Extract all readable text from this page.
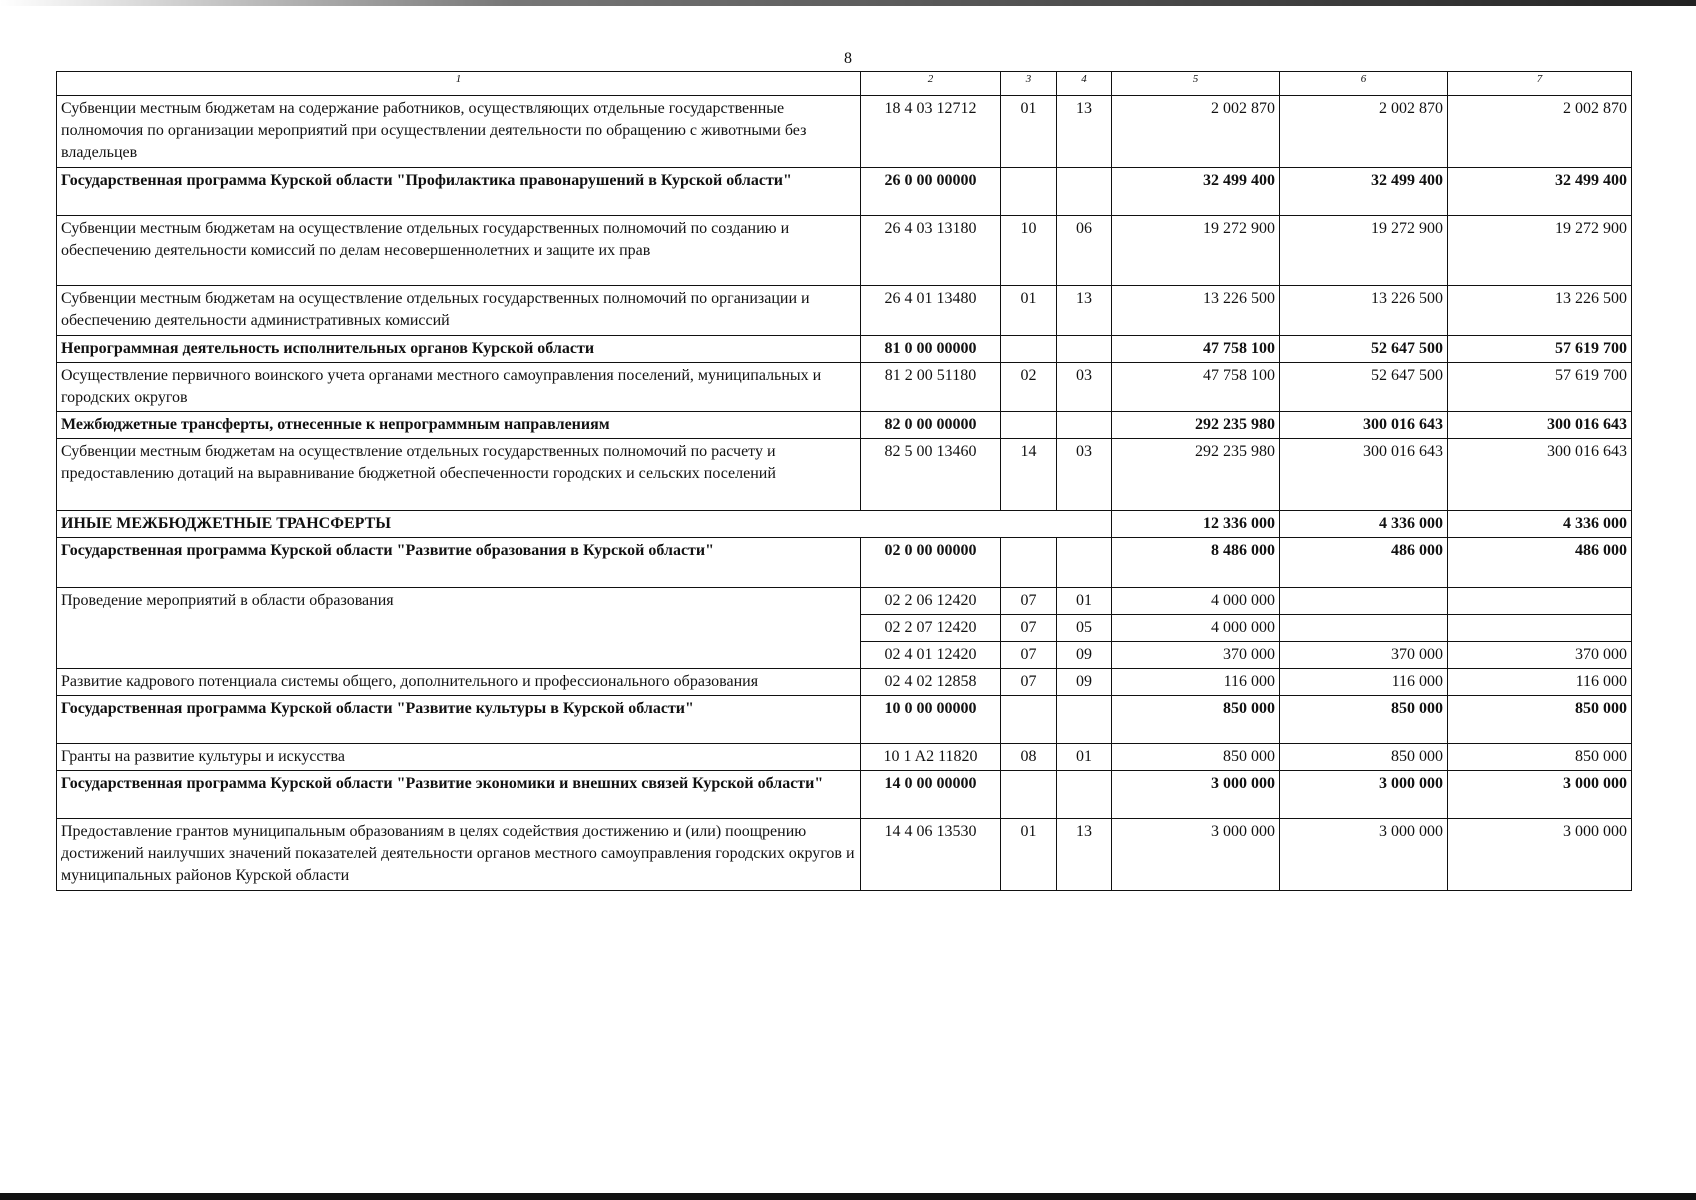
8
1	2	3	4	5	6	7
Субвенции местным бюджетам на содержание работников, осуществляющих отдельные государственные полномочия по организации мероприятий при осуществлении деятельности по обращению с животными без владельцев	18 4 03 12712	01	13	2 002 870	2 002 870	2 002 870
Государственная программа Курской области "Профилактика правонарушений в Курской области"	26 0 00 00000			32 499 400	32 499 400	32 499 400
Субвенции местным бюджетам на осуществление отдельных государственных полномочий по созданию и обеспечению деятельности комиссий по делам несовершеннолетних и защите их прав	26 4 03 13180	10	06	19 272 900	19 272 900	19 272 900
Субвенции местным бюджетам на осуществление отдельных государственных полномочий по организации и обеспечению деятельности административных комиссий	26 4 01 13480	01	13	13 226 500	13 226 500	13 226 500
Непрограммная деятельность исполнительных органов Курской области	81 0 00 00000			47 758 100	52 647 500	57 619 700
Осуществление первичного воинского учета органами местного самоуправления поселений, муниципальных и городских округов	81 2 00 51180	02	03	47 758 100	52 647 500	57 619 700
Межбюджетные трансферты, отнесенные к непрограммным направлениям	82 0 00 00000			292 235 980	300 016 643	300 016 643
Субвенции местным бюджетам на осуществление отдельных государственных полномочий по расчету и предоставлению дотаций на выравнивание бюджетной обеспеченности городских и сельских поселений	82 5 00 13460	14	03	292 235 980	300 016 643	300 016 643
ИНЫЕ МЕЖБЮДЖЕТНЫЕ ТРАНСФЕРТЫ				12 336 000	4 336 000	4 336 000
Государственная программа Курской области "Развитие образования в Курской области"	02 0 00 00000			8 486 000	486 000	486 000
Проведение мероприятий в области образования	02 2 06 12420	07	01	4 000 000		
	02 2 07 12420	07	05	4 000 000		
	02 4 01 12420	07	09	370 000	370 000	370 000
Развитие кадрового потенциала системы общего, дополнительного и профессионального образования	02 4 02 12858	07	09	116 000	116 000	116 000
Государственная программа Курской области "Развитие культуры в Курской области"	10 0 00 00000			850 000	850 000	850 000
Гранты на развитие культуры и искусства	10 1 A2 11820	08	01	850 000	850 000	850 000
Государственная программа Курской области "Развитие экономики и внешних связей Курской области"	14 0 00 00000			3 000 000	3 000 000	3 000 000
Предоставление грантов муниципальным образованиям в целях содействия достижению и (или) поощрению достижений наилучших значений показателей деятельности органов местного самоуправления городских округов и муниципальных районов Курской области	14 4 06 13530	01	13	3 000 000	3 000 000	3 000 000
